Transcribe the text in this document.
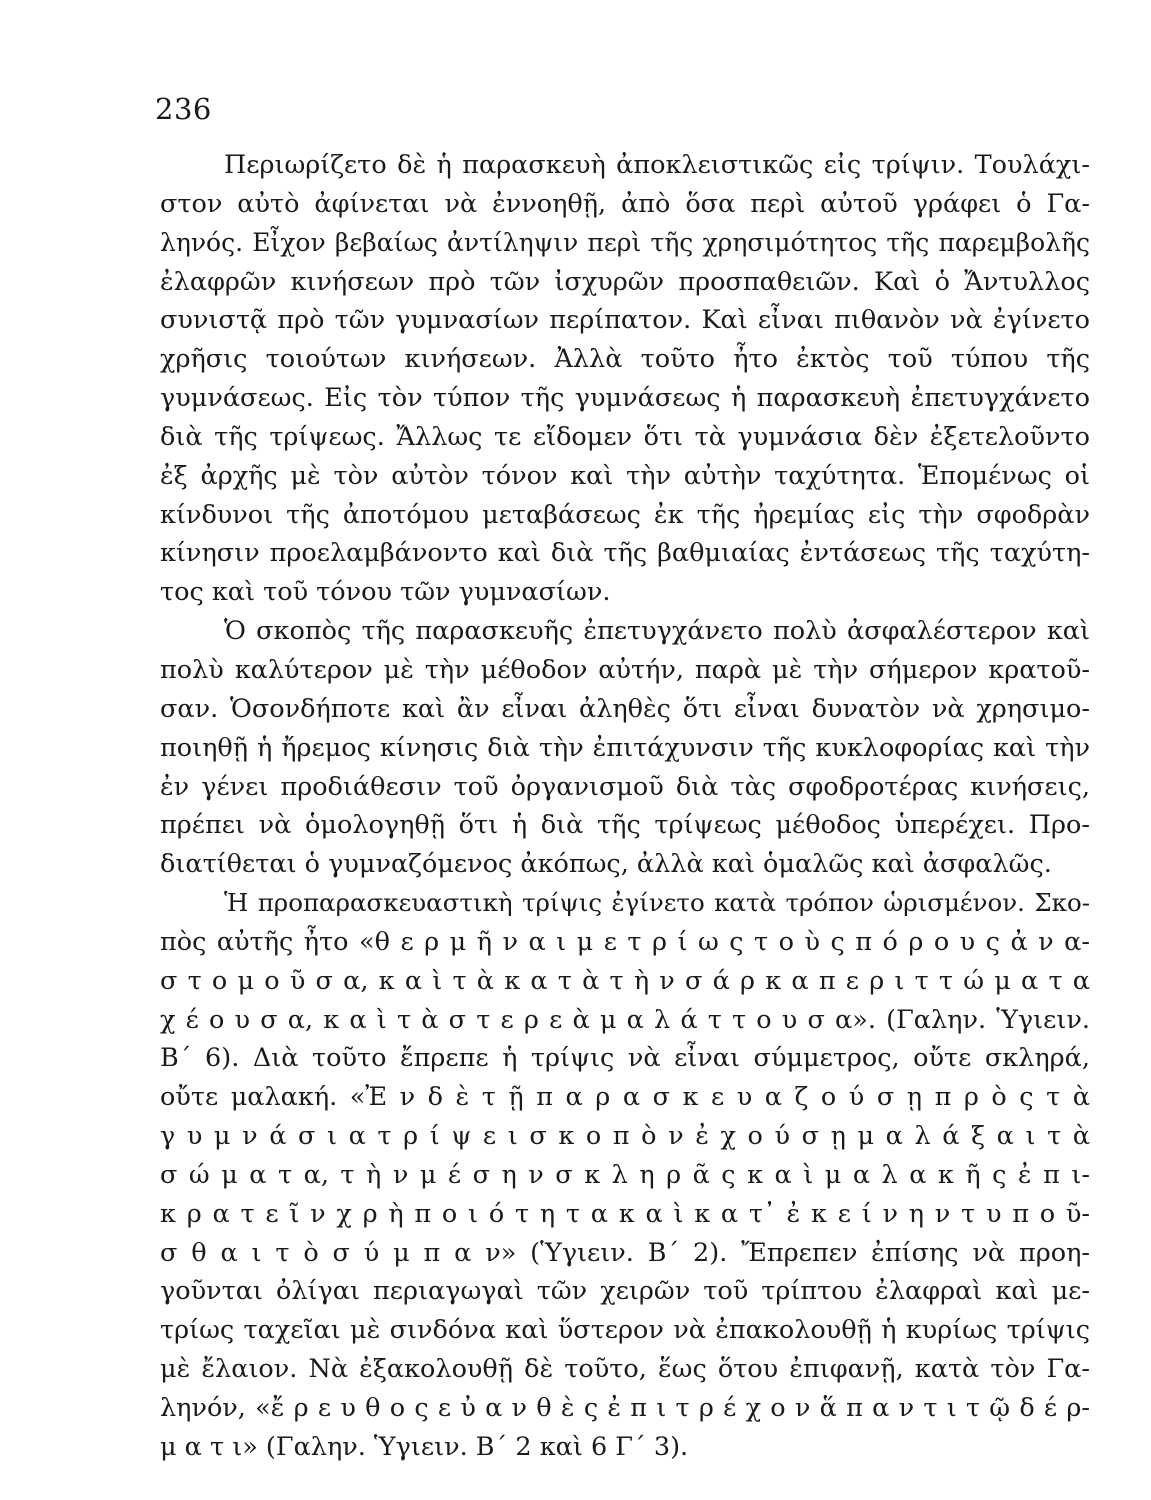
236
Περιωρίζετο δὲ ἡ παρασκευὴ ἀποκλειστικῶς εἰς τρίψιν. Τουλάχι-
στον αὐτὸ ἀφίνεται νὰ ἐννοηθῇ, ἀπὸ ὅσα περὶ αὐτοῦ γράφει ὁ Γα-
ληνός. Εἶχον βεβαίως ἀντίληψιν περὶ τῆς χρησιμότητος τῆς παρεμβολῆς
ἐλαφρῶν κινήσεων πρὸ τῶν ἰσχυρῶν προσπαθειῶν. Καὶ ὁ Ἄντυλλος
συνιστᾷ πρὸ τῶν γυμνασίων περίπατον. Καὶ εἶναι πιθανὸν νὰ ἐγίνετο
χρῆσις τοιούτων κινήσεων. Ἀλλὰ τοῦτο ἦτο ἐκτὸς τοῦ τύπου τῆς
γυμνάσεως. Εἰς τὸν τύπον τῆς γυμνάσεως ἡ παρασκευὴ ἐπετυγχάνετο
διὰ τῆς τρίψεως. Ἄλλως τε εἴδομεν ὅτι τὰ γυμνάσια δὲν ἐξετελοῦντο
ἐξ ἀρχῆς μὲ τὸν αὐτὸν τόνον καὶ τὴν αὐτὴν ταχύτητα. Ἑπομένως οἱ
κίνδυνοι τῆς ἀποτόμου μεταβάσεως ἐκ τῆς ἠρεμίας εἰς τὴν σφοδρὰν
κίνησιν προελαμβάνοντο καὶ διὰ τῆς βαθμιαίας ἐντάσεως τῆς ταχύτη-
τος καὶ τοῦ τόνου τῶν γυμνασίων.
Ὁ σκοπὸς τῆς παρασκευῆς ἐπετυγχάνετο πολὺ ἀσφαλέστερον καὶ
πολὺ καλύτερον μὲ τὴν μέθοδον αὐτήν, παρὰ μὲ τὴν σήμερον κρατοῦ-
σαν. Ὁσονδήποτε καὶ ἂν εἶναι ἀληθὲς ὅτι εἶναι δυνατὸν νὰ χρησιμο-
ποιηθῇ ἡ ἤρεμος κίνησις διὰ τὴν ἐπιτάχυνσιν τῆς κυκλοφορίας καὶ τὴν
ἐν γένει προδιάθεσιν τοῦ ὀργανισμοῦ διὰ τὰς σφοδροτέρας κινήσεις,
πρέπει νὰ ὁμολογηθῇ ὅτι ἡ διὰ τῆς τρίψεως μέθοδος ὑπερέχει. Προ-
διατίθεται ὁ γυμναζόμενος ἀκόπως, ἀλλὰ καὶ ὁμαλῶς καὶ ἀσφαλῶς.
Ἡ προπαρασκευαστικὴ τρίψις ἐγίνετο κατὰ τρόπον ὡρισμένον. Σκο-
πὸς αὐτῆς ἦτο «θ ε ρ μ ῆ ν α ι μ ε τ ρ ί ω ς τ ο ὺ ς π ό ρ ο υ ς ἀ ν α-
σ τ ο μ ο ῦ σ α, κ α ὶ τ ὰ κ α τ ὰ τ ὴ ν σ ά ρ κ α π ε ρ ι τ τ ώ μ α τ α
χ έ ο υ σ α, κ α ὶ τ ὰ σ τ ε ρ ε ὰ μ α λ ά τ τ ο υ σ α». (Γαλην. Ὑγιειν.
Β΄ 6). Διὰ τοῦτο ἔπρεπε ἡ τρίψις νὰ εἶναι σύμμετρος, οὔτε σκληρά,
οὔτε μαλακή. «Ἐ ν δ ὲ τ ῇ π α ρ α σ κ ε υ α ζ ο ύ σ ῃ π ρ ὸ ς τ ὰ
γ υ μ ν ά σ ι α τ ρ ί ψ ε ι σ κ ο π ὸ ν ἐ χ ο ύ σ ῃ μ α λ ά ξ α ι τ ὰ
σ ώ μ α τ α, τ ὴ ν μ έ σ η ν σ κ λ η ρ ᾶ ς κ α ὶ μ α λ α κ ῆ ς ἐ π ι-
κ ρ α τ ε ῖ ν χ ρ ὴ π ο ι ό τ η τ α κ α ὶ κ α τ᾽ ἐ κ ε ί ν η ν τ υ π ο ῦ-
σ θ α ι τ ὸ σ ύ μ π α ν» (Ὑγιειν. Β΄ 2). Ἔπρεπεν ἐπίσης νὰ προη-
γοῦνται ὀλίγαι περιαγωγαὶ τῶν χειρῶν τοῦ τρίπτου ἐλαφραὶ καὶ με-
τρίως ταχεῖαι μὲ σινδόνα καὶ ὕστερον νὰ ἐπακολουθῇ ἡ κυρίως τρίψις
μὲ ἔλαιον. Νὰ ἐξακολουθῇ δὲ τοῦτο, ἕως ὅτου ἐπιφανῇ, κατὰ τὸν Γα-
ληνόν, «ἔ ρ ε υ θ ο ς ε ὐ α ν θ ὲ ς ἐ π ι τ ρ έ χ ο ν ἅ π α ν τ ι τ ῷ δ έ ρ-
μ α τ ι» (Γαλην. Ὑγιειν. Β΄ 2 καὶ 6 Γ΄ 3).
